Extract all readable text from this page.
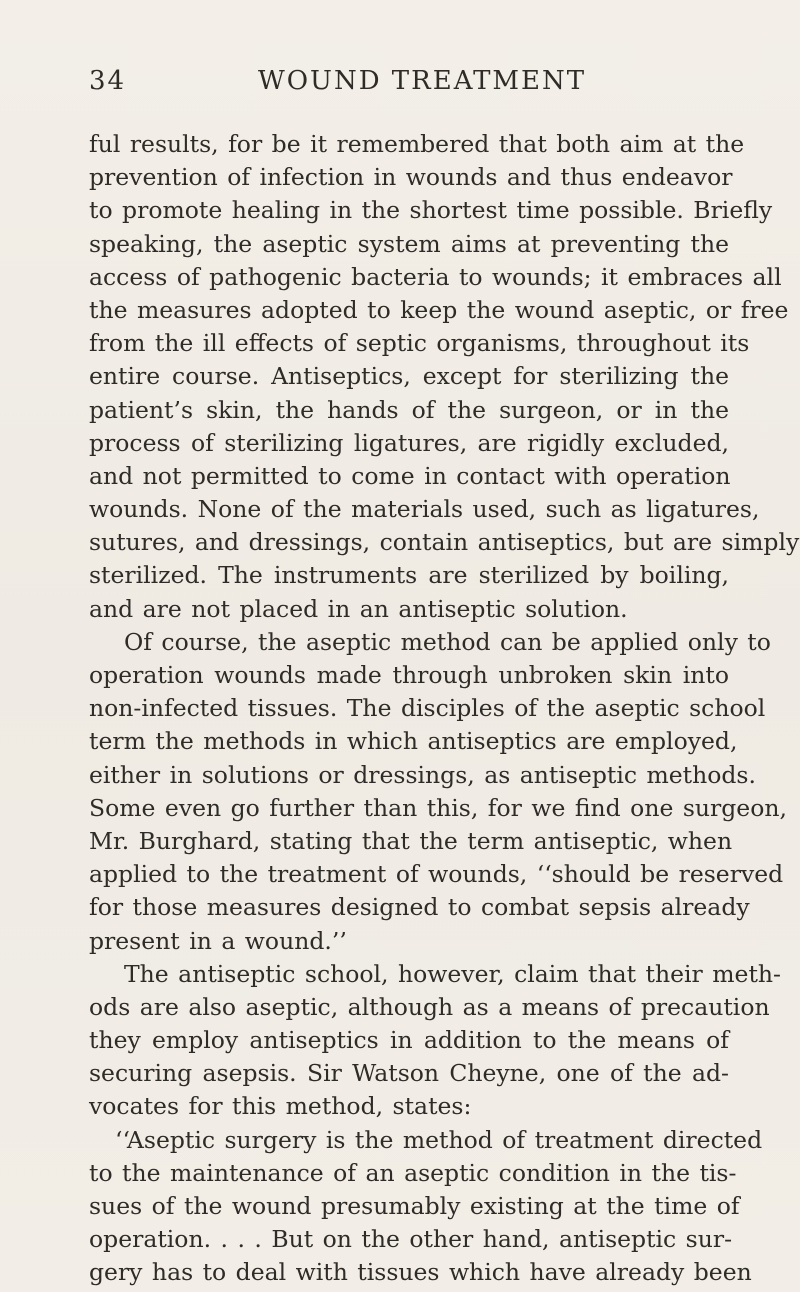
34	WOUND TREATMENT
ful results, for be it remembered that both aim at the
prevention of infection in wounds and thus endeavor
to promote healing in the shortest time possible. Briefly
speaking, the aseptic system aims at preventing the
access of pathogenic bacteria to wounds; it embraces all
the measures adopted to keep the wound aseptic, or free
from the ill effects of septic organisms, throughout its
entire course. Antiseptics, except for sterilizing the
patient’s skin, the hands of the surgeon, or in the
process of sterilizing ligatures, are rigidly excluded,
and not permitted to come in contact with operation
wounds. None of the materials used, such as ligatures,
sutures, and dressings, contain antiseptics, but are simply
sterilized. The instruments are sterilized by boiling,
and are not placed in an antiseptic solution.
Of course, the aseptic method can be applied only to
operation wounds made through unbroken skin into
non-infected tissues. The disciples of the aseptic school
term the methods in which antiseptics are employed,
either in solutions or dressings, as antiseptic methods.
Some even go further than this, for we find one surgeon,
Mr. Burghard, stating that the term antiseptic, when
applied to the treatment of wounds, ‘‘should be reserved
for those measures designed to combat sepsis already
present in a wound.’’
The antiseptic school, however, claim that their meth-
ods are also aseptic, although as a means of precaution
they employ antiseptics in addition to the means of
securing asepsis. Sir Watson Cheyne, one of the ad-
vocates for this method, states:
‘‘Aseptic surgery is the method of treatment directed
to the maintenance of an aseptic condition in the tis-
sues of the wound presumably existing at the time of
operation. . . . But on the other hand, antiseptic sur-
gery has to deal with tissues which have already been
